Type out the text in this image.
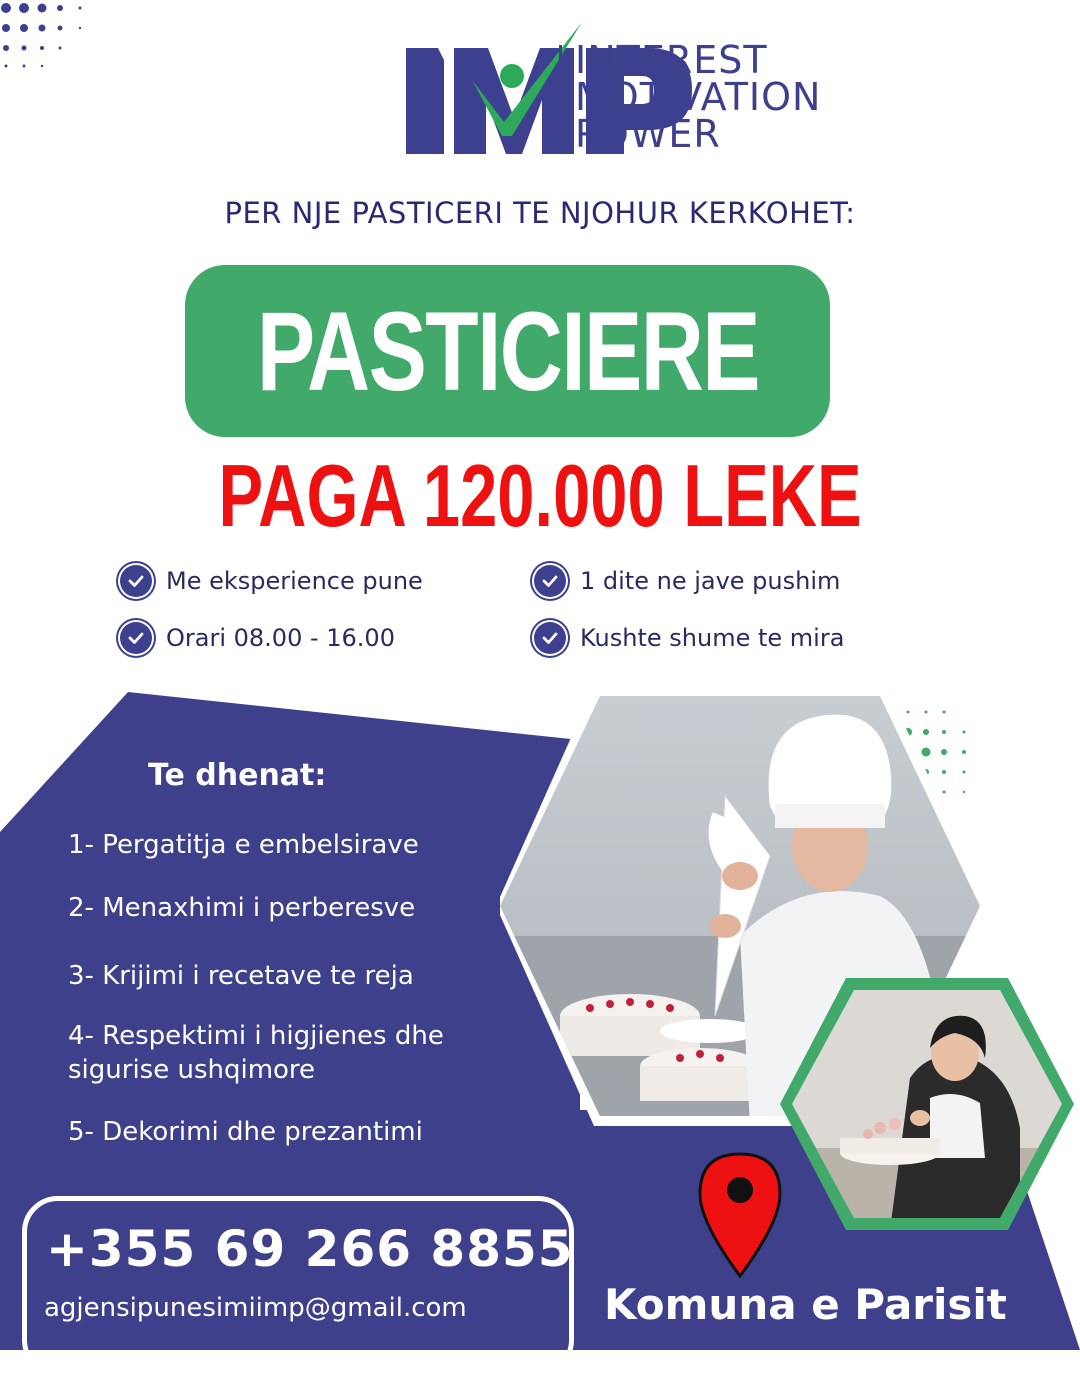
INTEREST
MOTIVATION
POWER
PER NJE PASTICERI TE NJOHUR KERKOHET:
PASTICIERE
PAGA 120.000 LEKE
Me eksperience pune	1 dite ne jave pushim
Orari 08.00 - 16.00	Kushte shume te mira
Te dhenat:
1- Pergatitja e embelsirave
2- Menaxhimi i perberesve
3- Krijimi i recetave te reja
4- Respektimi i higjienes dhe sigurise ushqimore
5- Dekorimi dhe prezantimi
+355 69 266 8855
agjensipunesimiimp@gmail.com	Komuna e Parisit
